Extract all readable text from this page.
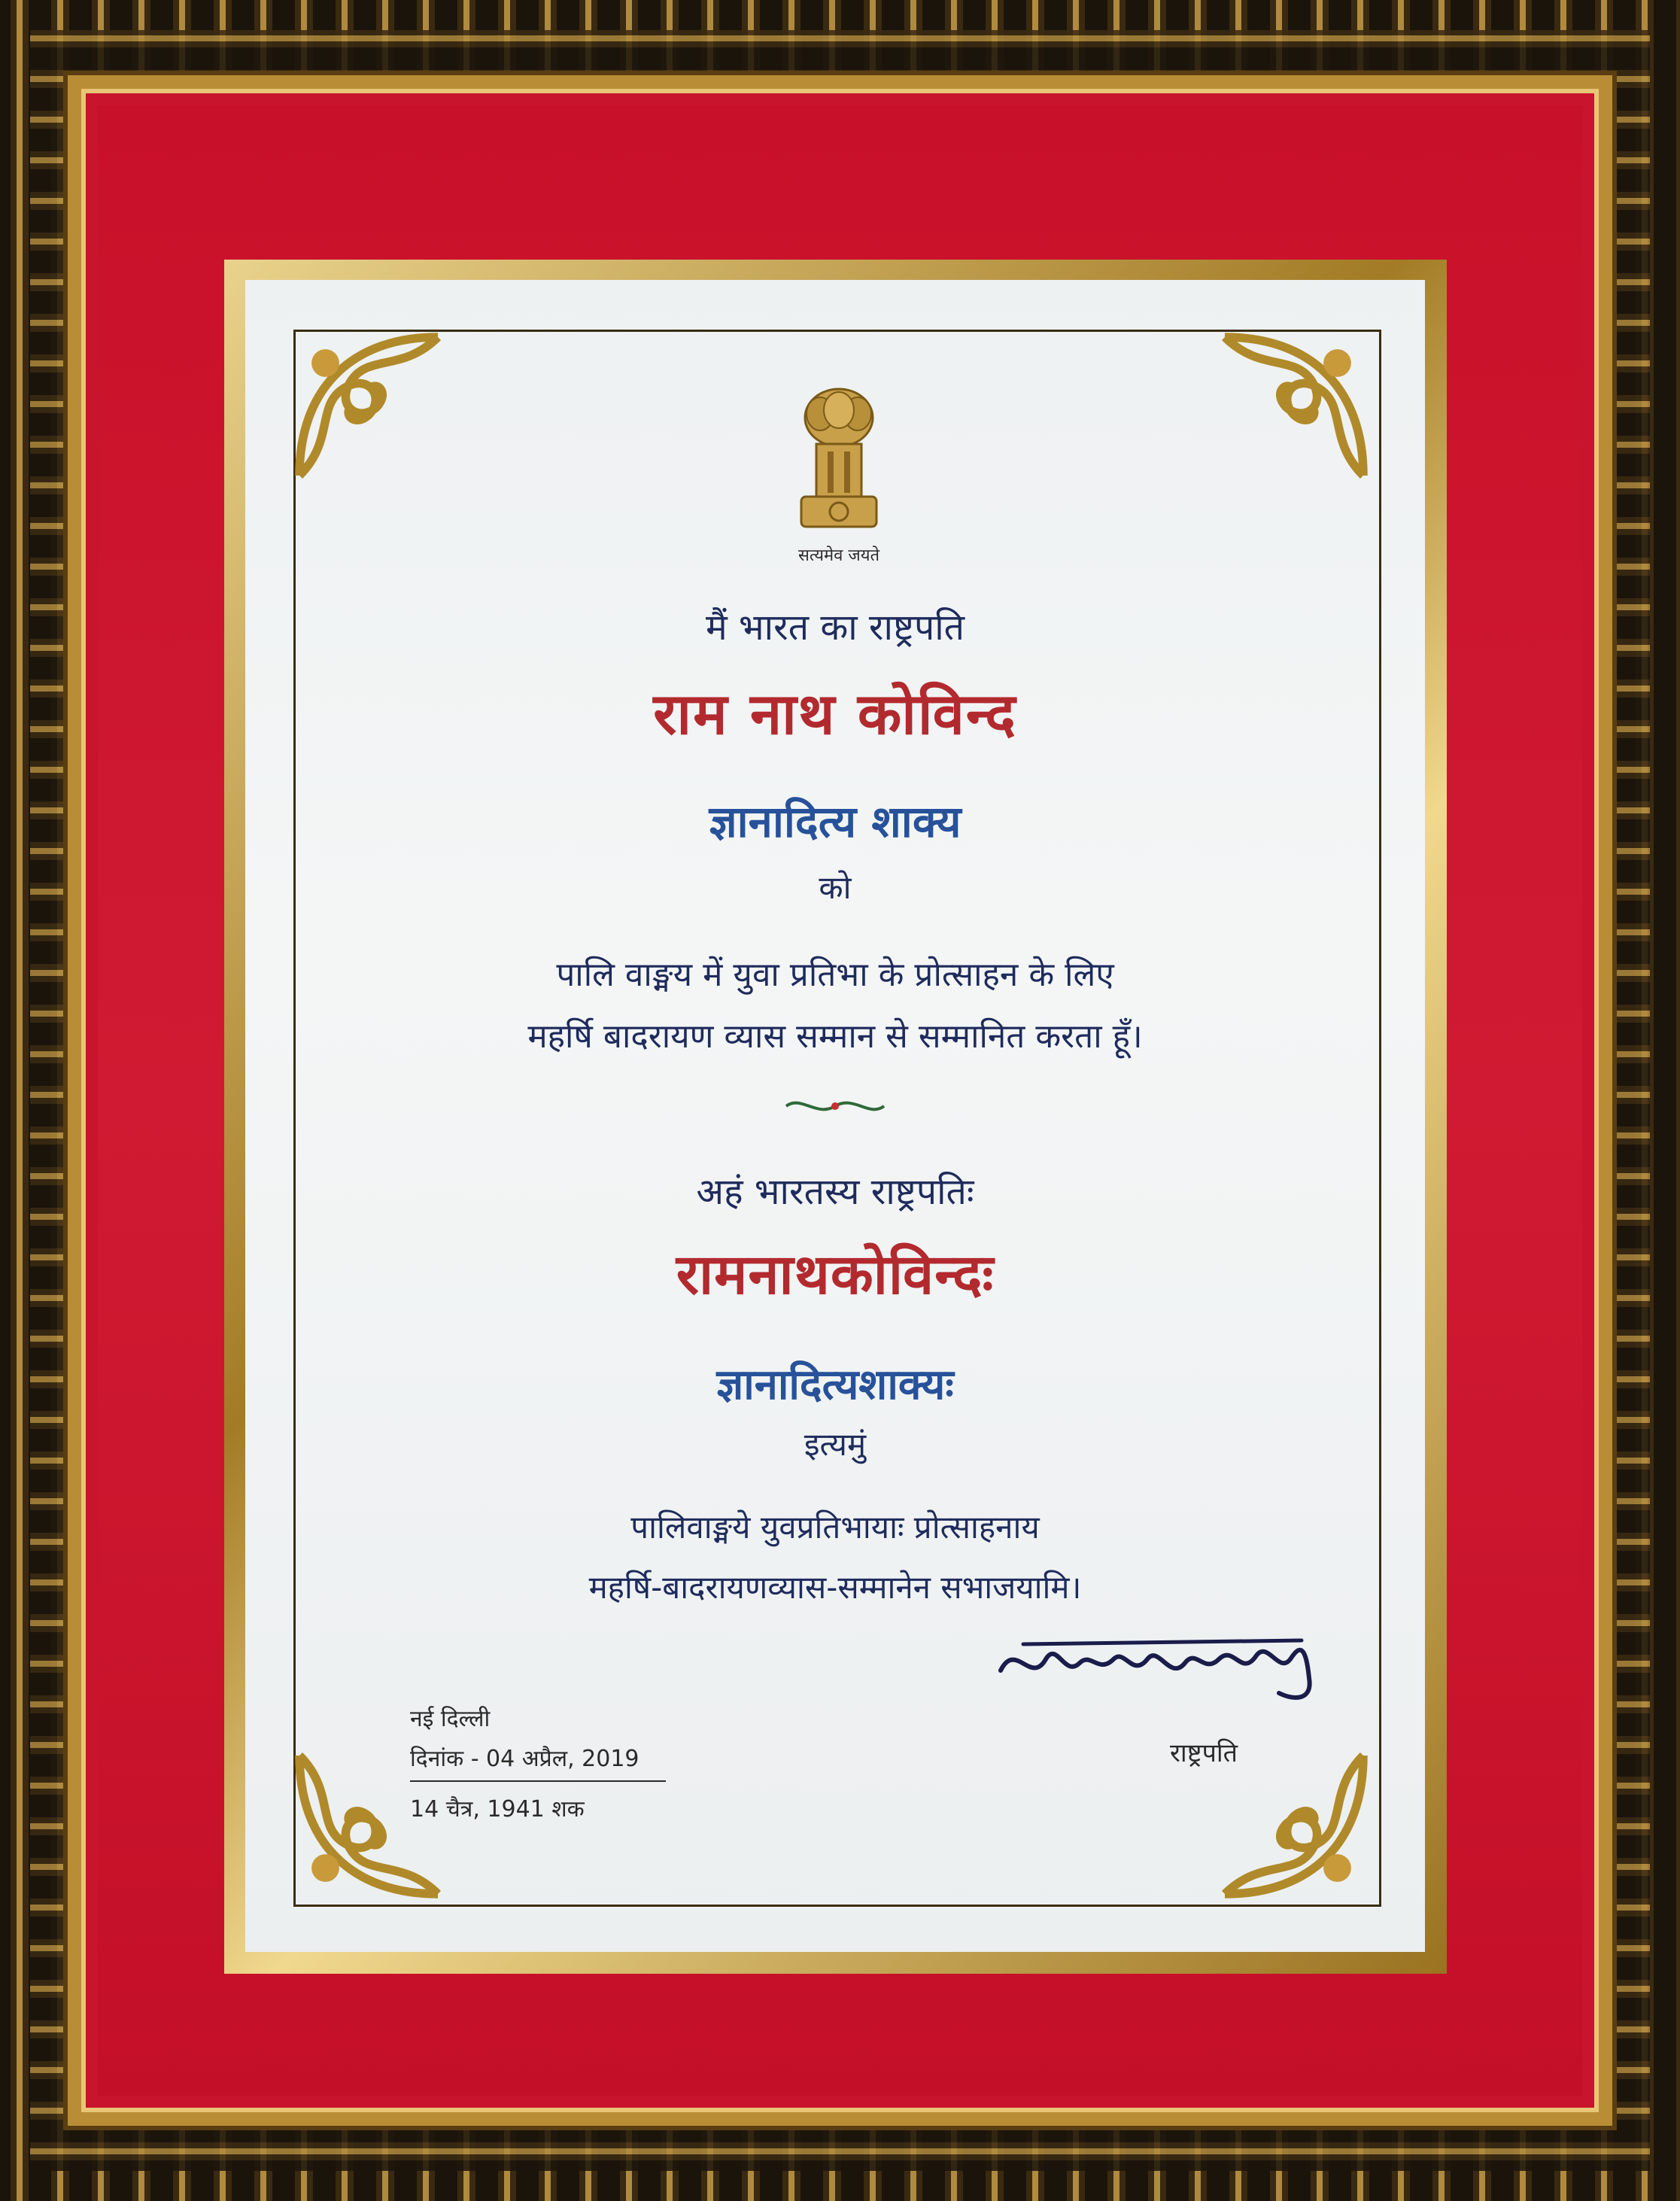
सत्यमेव जयते
मैं भारत का राष्ट्रपति
राम नाथ कोविन्द
ज्ञानादित्य शाक्य
को
पालि वाङ्मय में युवा प्रतिभा के प्रोत्साहन के लिए
महर्षि बादरायण व्यास सम्मान से सम्मानित करता हूँ।
अहं भारतस्य राष्ट्रपतिः
रामनाथकोविन्दः
ज्ञानादित्यशाक्यः
इत्यमुं
पालिवाङ्मये युवप्रतिभायाः प्रोत्साहनाय
महर्षि-बादरायणव्यास-सम्मानेन सभाजयामि।
नई दिल्ली
दिनांक - 04 अप्रैल, 2019
14 चैत्र, 1941 शक
राष्ट्रपति
